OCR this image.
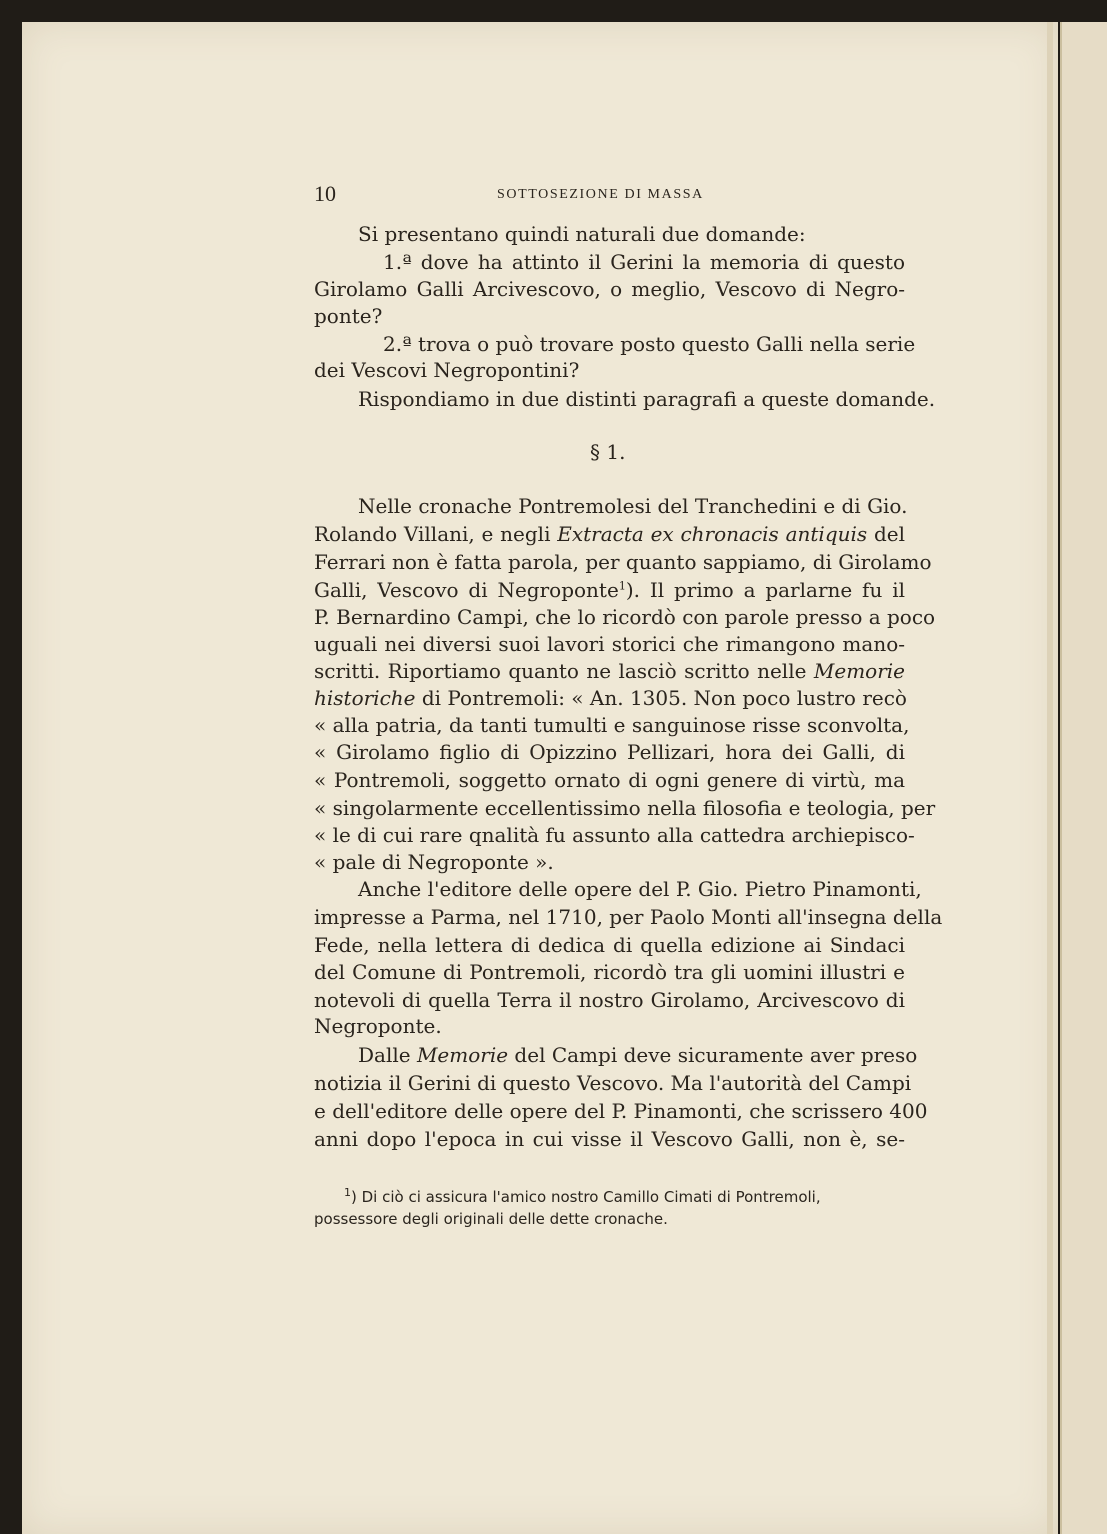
10	SOTTOSEZIONE DI MASSA
Si presentano quindi naturali due domande:
1.ª dove ha attinto il Gerini la memoria di questo
Girolamo Galli Arcivescovo, o meglio, Vescovo di Negro-
ponte?
2.ª trova o può trovare posto questo Galli nella serie
dei Vescovi Negropontini?
Rispondiamo in due distinti paragrafi a queste domande.
§ 1.
Nelle cronache Pontremolesi del Tranchedini e di Gio.
Rolando Villani, e negli Extracta ex chronacis antiquis del
Ferrari non è fatta parola, per quanto sappiamo, di Girolamo
Galli, Vescovo di Negroponte$^1$). Il primo a parlarne fu il
P. Bernardino Campi, che lo ricordò con parole presso a poco
uguali nei diversi suoi lavori storici che rimangono mano-
scritti. Riportiamo quanto ne lasciò scritto nelle Memorie
historiche di Pontremoli: « An. 1305. Non poco lustro recò
« alla patria, da tanti tumulti e sanguinose risse sconvolta,
« Girolamo figlio di Opizzino Pellizari, hora dei Galli, di
« Pontremoli, soggetto ornato di ogni genere di virtù, ma
« singolarmente eccellentissimo nella filosofia e teologia, per
« le di cui rare qnalità fu assunto alla cattedra archiepisco-
« pale di Negroponte ».
Anche l'editore delle opere del P. Gio. Pietro Pinamonti,
impresse a Parma, nel 1710, per Paolo Monti all'insegna della
Fede, nella lettera di dedica di quella edizione ai Sindaci
del Comune di Pontremoli, ricordò tra gli uomini illustri e
notevoli di quella Terra il nostro Girolamo, Arcivescovo di
Negroponte.
Dalle Memorie del Campi deve sicuramente aver preso
notizia il Gerini di questo Vescovo. Ma l'autorità del Campi
e dell'editore delle opere del P. Pinamonti, che scrissero 400
anni dopo l'epoca in cui visse il Vescovo Galli, non è, se-
$^1$) Di ciò ci assicura l'amico nostro Camillo Cimati di Pontremoli,
possessore degli originali delle dette cronache.
